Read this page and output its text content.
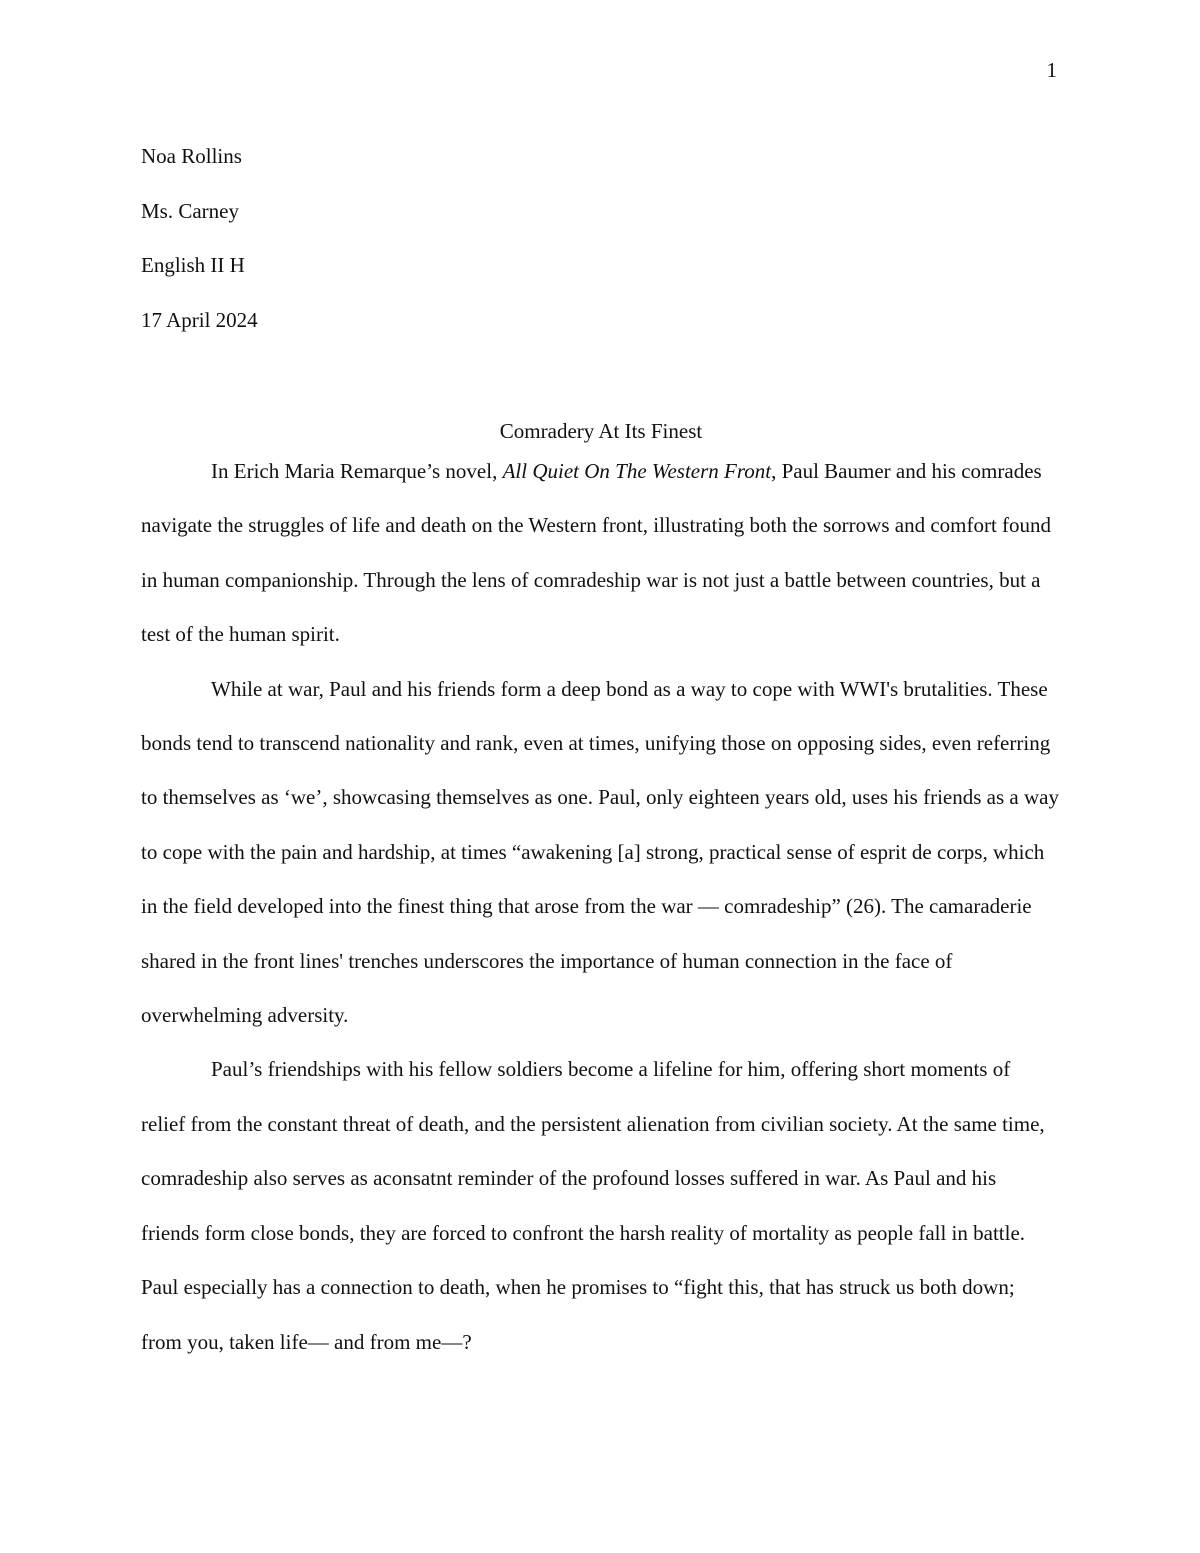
1
Noa Rollins
Ms. Carney
English II H
17 April 2024
Comradery At Its Finest

In Erich Maria Remarque’s novel, All Quiet On The Western Front, Paul Baumer and his comrades navigate the struggles of life and death on the Western front, illustrating both the sorrows and comfort found in human companionship. Through the lens of comradeship war is not just a battle between countries, but a test of the human spirit.

While at war, Paul and his friends form a deep bond as a way to cope with WWI's brutalities. These bonds tend to transcend nationality and rank, even at times, unifying those on opposing sides, even referring to themselves as ‘we’, showcasing themselves as one. Paul, only eighteen years old, uses his friends as a way to cope with the pain and hardship, at times “awakening [a] strong, practical sense of esprit de corps, which in the field developed into the finest thing that arose from the war — comradeship” (26). The camaraderie shared in the front lines' trenches underscores the importance of human connection in the face of overwhelming adversity.

Paul’s friendships with his fellow soldiers become a lifeline for him, offering short moments of relief from the constant threat of death, and the persistent alienation from civilian society. At the same time, comradeship also serves as aconsatnt reminder of the profound losses suffered in war. As Paul and his friends form close bonds, they are forced to confront the harsh reality of mortality as people fall in battle. Paul especially has a connection to death, when he promises to “fight this, that has struck us both down; from you, taken life— and from me—?
